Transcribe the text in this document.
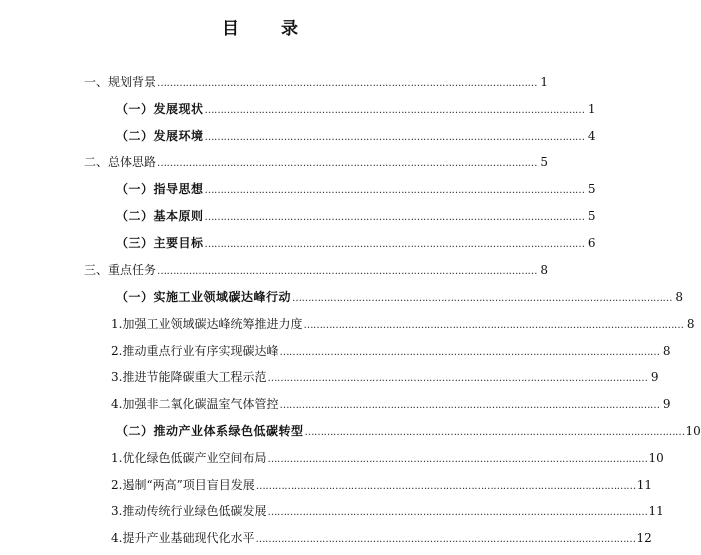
目 录
一、规划背景 ………………………………………………………………………………………………………… 1
（一）发展现状 ………………………………………………………………………………………………………… 1
（二）发展环境 ………………………………………………………………………………………………………… 4
二、总体思路 ………………………………………………………………………………………………………… 5
（一）指导思想 ………………………………………………………………………………………………………… 5
（二）基本原则 ………………………………………………………………………………………………………… 5
（三）主要目标 ………………………………………………………………………………………………………… 6
三、重点任务 ………………………………………………………………………………………………………… 8
（一）实施工业领域碳达峰行动 ………………………………………………………………………………………………………… 8
1.加强工业领域碳达峰统筹推进力度 ………………………………………………………………………………………………………… 8
2.推动重点行业有序实现碳达峰 ………………………………………………………………………………………………………… 8
3.推进节能降碳重大工程示范 ………………………………………………………………………………………………………… 9
4.加强非二氧化碳温室气体管控 ………………………………………………………………………………………………………… 9
（二）推动产业体系绿色低碳转型 ………………………………………………………………………………………………………… 10
1.优化绿色低碳产业空间布局 ………………………………………………………………………………………………………… 10
2.遏制“两高”项目盲目发展 ………………………………………………………………………………………………………… 11
3.推动传统行业绿色低碳发展 ………………………………………………………………………………………………………… 11
4.提升产业基础现代化水平 ………………………………………………………………………………………………………… 12
